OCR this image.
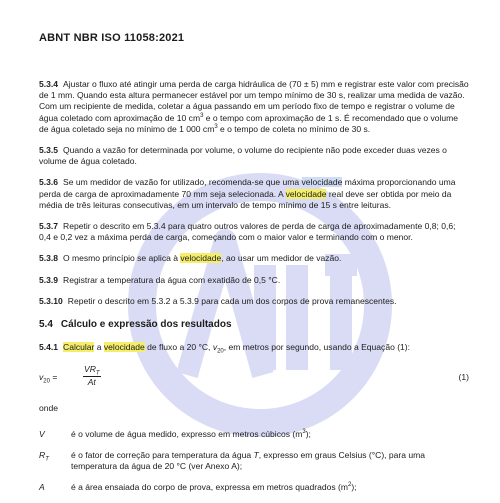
ABNT NBR ISO 11058:2021

5.3.4 Ajustar o fluxo até atingir uma perda de carga hidráulica de (70 ± 5) mm e registrar este valor com precisão de 1 mm. Quando esta altura permanecer estável por um tempo mínimo de 30 s, realizar uma medida de vazão. Com um recipiente de medida, coletar a água passando em um período fixo de tempo e registrar o volume de água coletado com aproximação de 10 $cm^3$ e o tempo com aproximação de 1 s. É recomendado que o volume de água coletado seja no mínimo de 1 000 $cm^3$ e o tempo de coleta no mínimo de 30 s.

5.3.5 Quando a vazão for determinada por volume, o volume do recipiente não pode exceder duas vezes o volume de água coletado.

5.3.6 Se um medidor de vazão for utilizado, recomenda-se que uma velocidade máxima proporcionando uma perda de carga de aproximadamente 70 mm seja selecionada. A velocidade real deve ser obtida por meio da média de três leituras consecutivas, em um intervalo de tempo mínimo de 15 s entre leituras.

5.3.7 Repetir o descrito em 5.3.4 para quatro outros valores de perda de carga de aproximadamente 0,8; 0,6; 0,4 e 0,2 vez a máxima perda de carga, começando com o maior valor e terminando com o menor.

5.3.8 O mesmo princípio se aplica à velocidade, ao usar um medidor de vazão.

5.3.9 Registrar a temperatura da água com exatidão de 0,5 °C.

5.3.10 Repetir o descrito em 5.3.2 a 5.3.9 para cada um dos corpos de prova remanescentes.

5.4 Cálculo e expressão dos resultados

5.4.1 Calcular a velocidade de fluxo a 20 °C, $v_{20}$, em metros por segundo, usando a Equação (1):

$v_{20}$ =
$VR_T$
At	(1)
onde
V	é o volume de água medido, expresso em metros cúbicos $(m^3)$;
$R_T$	é o fator de correção para temperatura da água T, expresso em graus Celsius (°C), para uma temperatura da água de 20 °C (ver Anexo A);
A	é a área ensaiada do corpo de prova, expressa em metros quadrados $(m^2)$;
